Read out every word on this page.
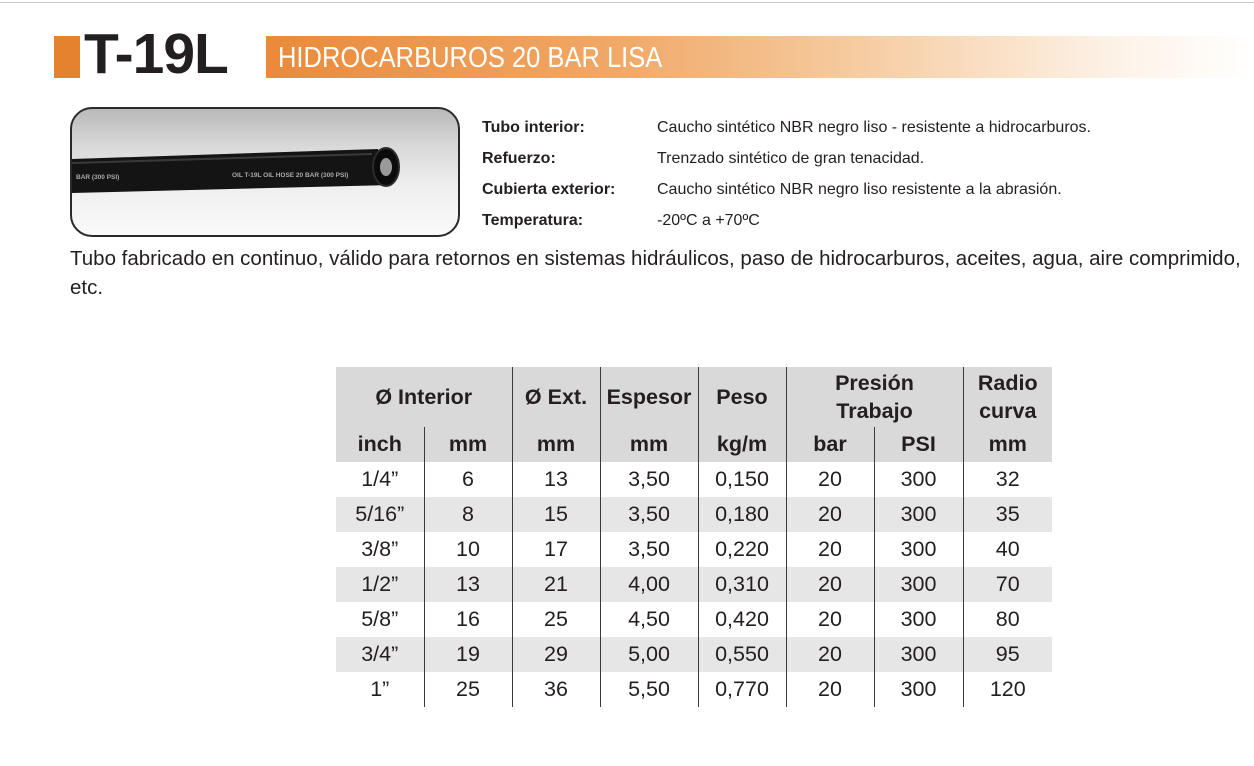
T-19L HIDROCARBUROS 20 BAR LISA
BAR (300 PSI)	OIL T-19L OIL HOSE 20 BAR (300 PSI)
Tubo interior:	Caucho sintético NBR negro liso - resistente a hidrocarburos.
Refuerzo:	Trenzado sintético de gran tenacidad.
Cubierta exterior:	Caucho sintético NBR negro liso resistente a la abrasión.
Temperatura:	-20ºC a +70ºC
Tubo fabricado en continuo, válido para retornos en sistemas hidráulicos, paso de hidrocarburos, aceites, agua, aire comprimido, etc.
Ø Interior		Ø Ext.	Espesor	Peso	Presión Trabajo		Radio curva
inch	mm	mm	mm	kg/m	bar	PSI	mm
1/4”	6	13	3,50	0,150	20	300	32
5/16”	8	15	3,50	0,180	20	300	35
3/8”	10	17	3,50	0,220	20	300	40
1/2”	13	21	4,00	0,310	20	300	70
5/8”	16	25	4,50	0,420	20	300	80
3/4”	19	29	5,00	0,550	20	300	95
1”	25	36	5,50	0,770	20	300	120
